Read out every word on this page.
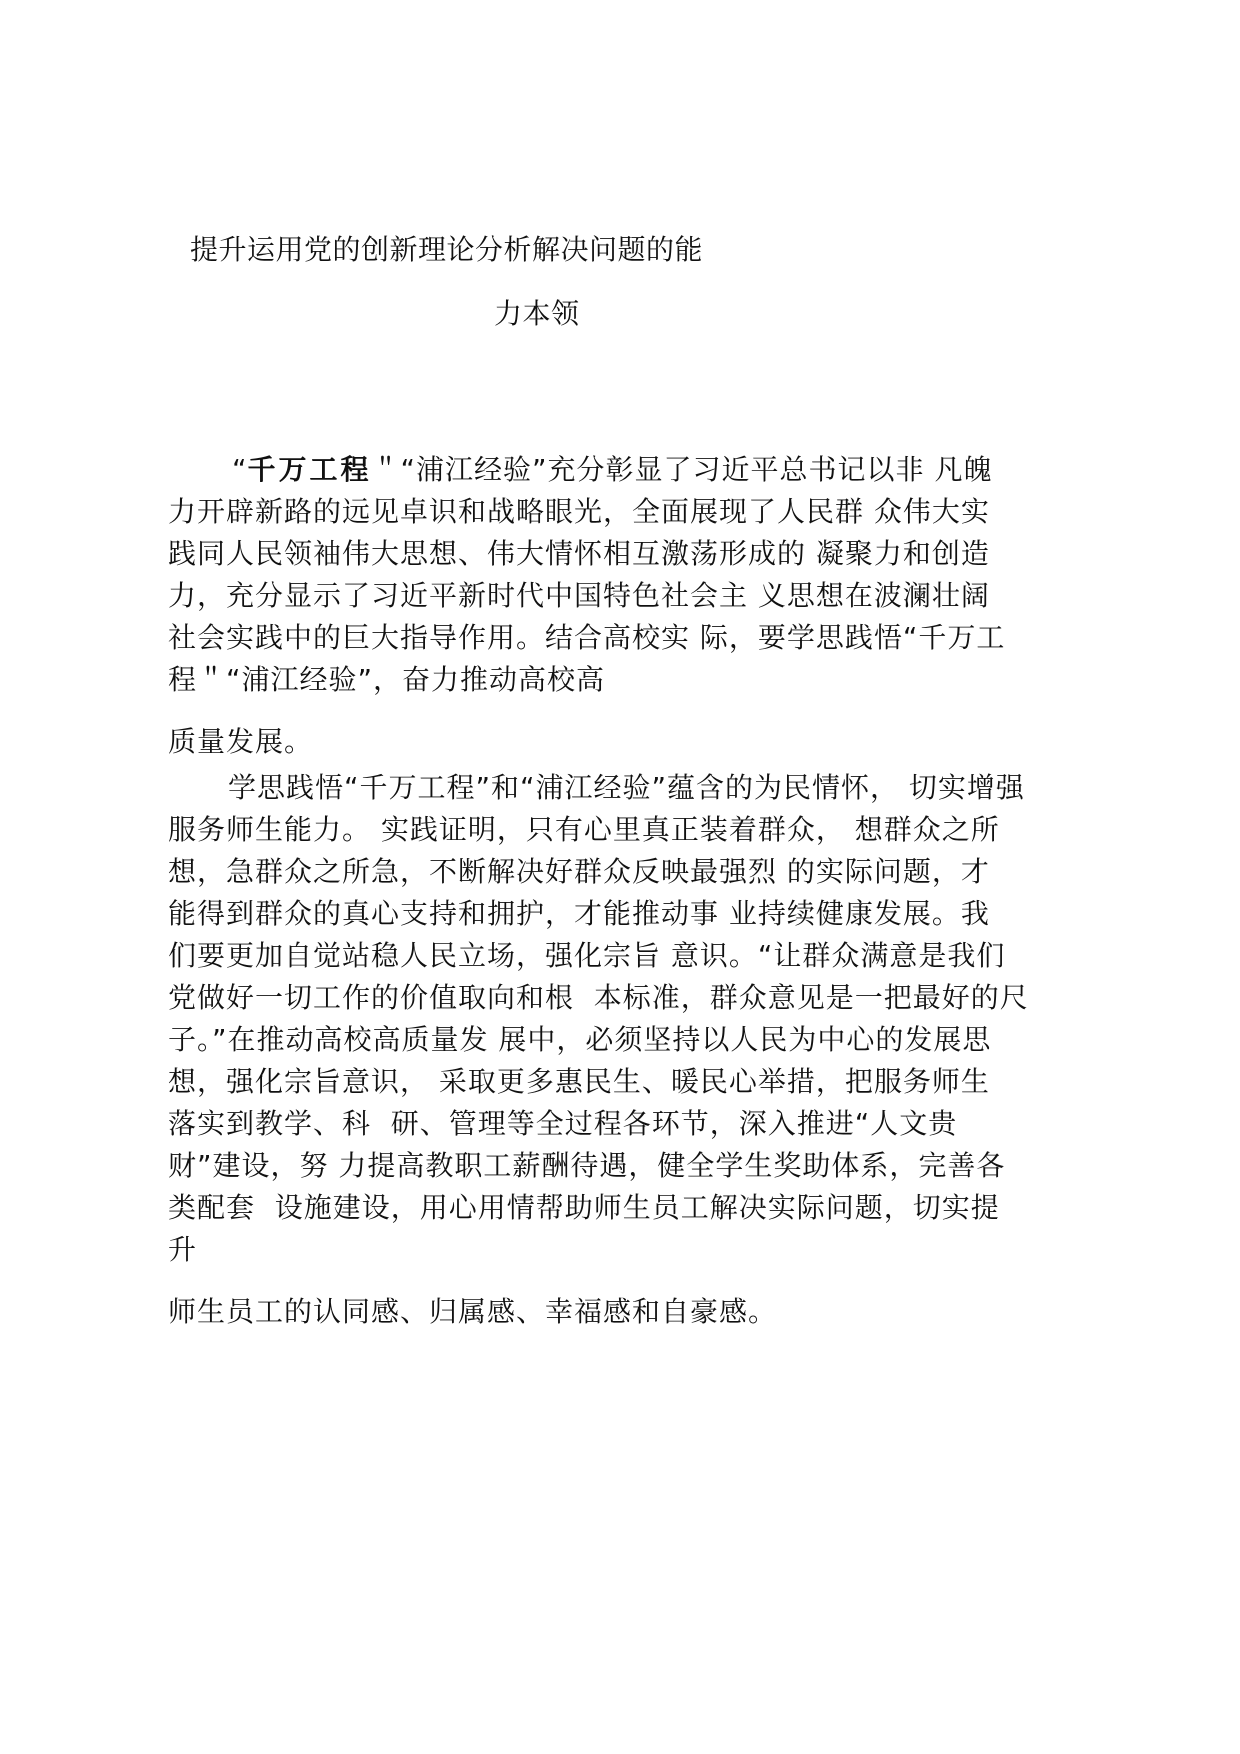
提升运用党的创新理论分析解决问题的能
力本领
“千万工程＂“浦江经验”充分彰显了习近平总书记以非 凡魄
力开辟新路的远见卓识和战略眼光，全面展现了人民群 众伟大实
践同人民领袖伟大思想、伟大情怀相互激荡形成的 凝聚力和创造
力，充分显示了习近平新时代中国特色社会主 义思想在波澜壮阔
社会实践中的巨大指导作用。结合高校实 际，要学思践悟“千万工
程＂“浦江经验”，奋力推动高校高
质量发展。
学思践悟“千万工程”和“浦江经验”蕴含的为民情怀， 切实增强
服务师生能力。 实践证明，只有心里真正装着群众， 想群众之所
想，急群众之所急，不断解决好群众反映最强烈 的实际问题，才
能得到群众的真心支持和拥护，才能推动事 业持续健康发展。我
们要更加自觉站稳人民立场，强化宗旨 意识。“让群众满意是我们
党做好一切工作的价值取向和根  本标准，群众意见是一把最好的尺
子。”在推动高校高质量发 展中，必须坚持以人民为中心的发展思
想，强化宗旨意识， 采取更多惠民生、暖民心举措，把服务师生
落实到教学、科  研、管理等全过程各环节，深入推进“人文贵
财”建设，努 力提高教职工薪酬待遇，健全学生奖助体系，完善各
类配套  设施建设，用心用情帮助师生员工解决实际问题，切实提
升
师生员工的认同感、归属感、幸福感和自豪感。
